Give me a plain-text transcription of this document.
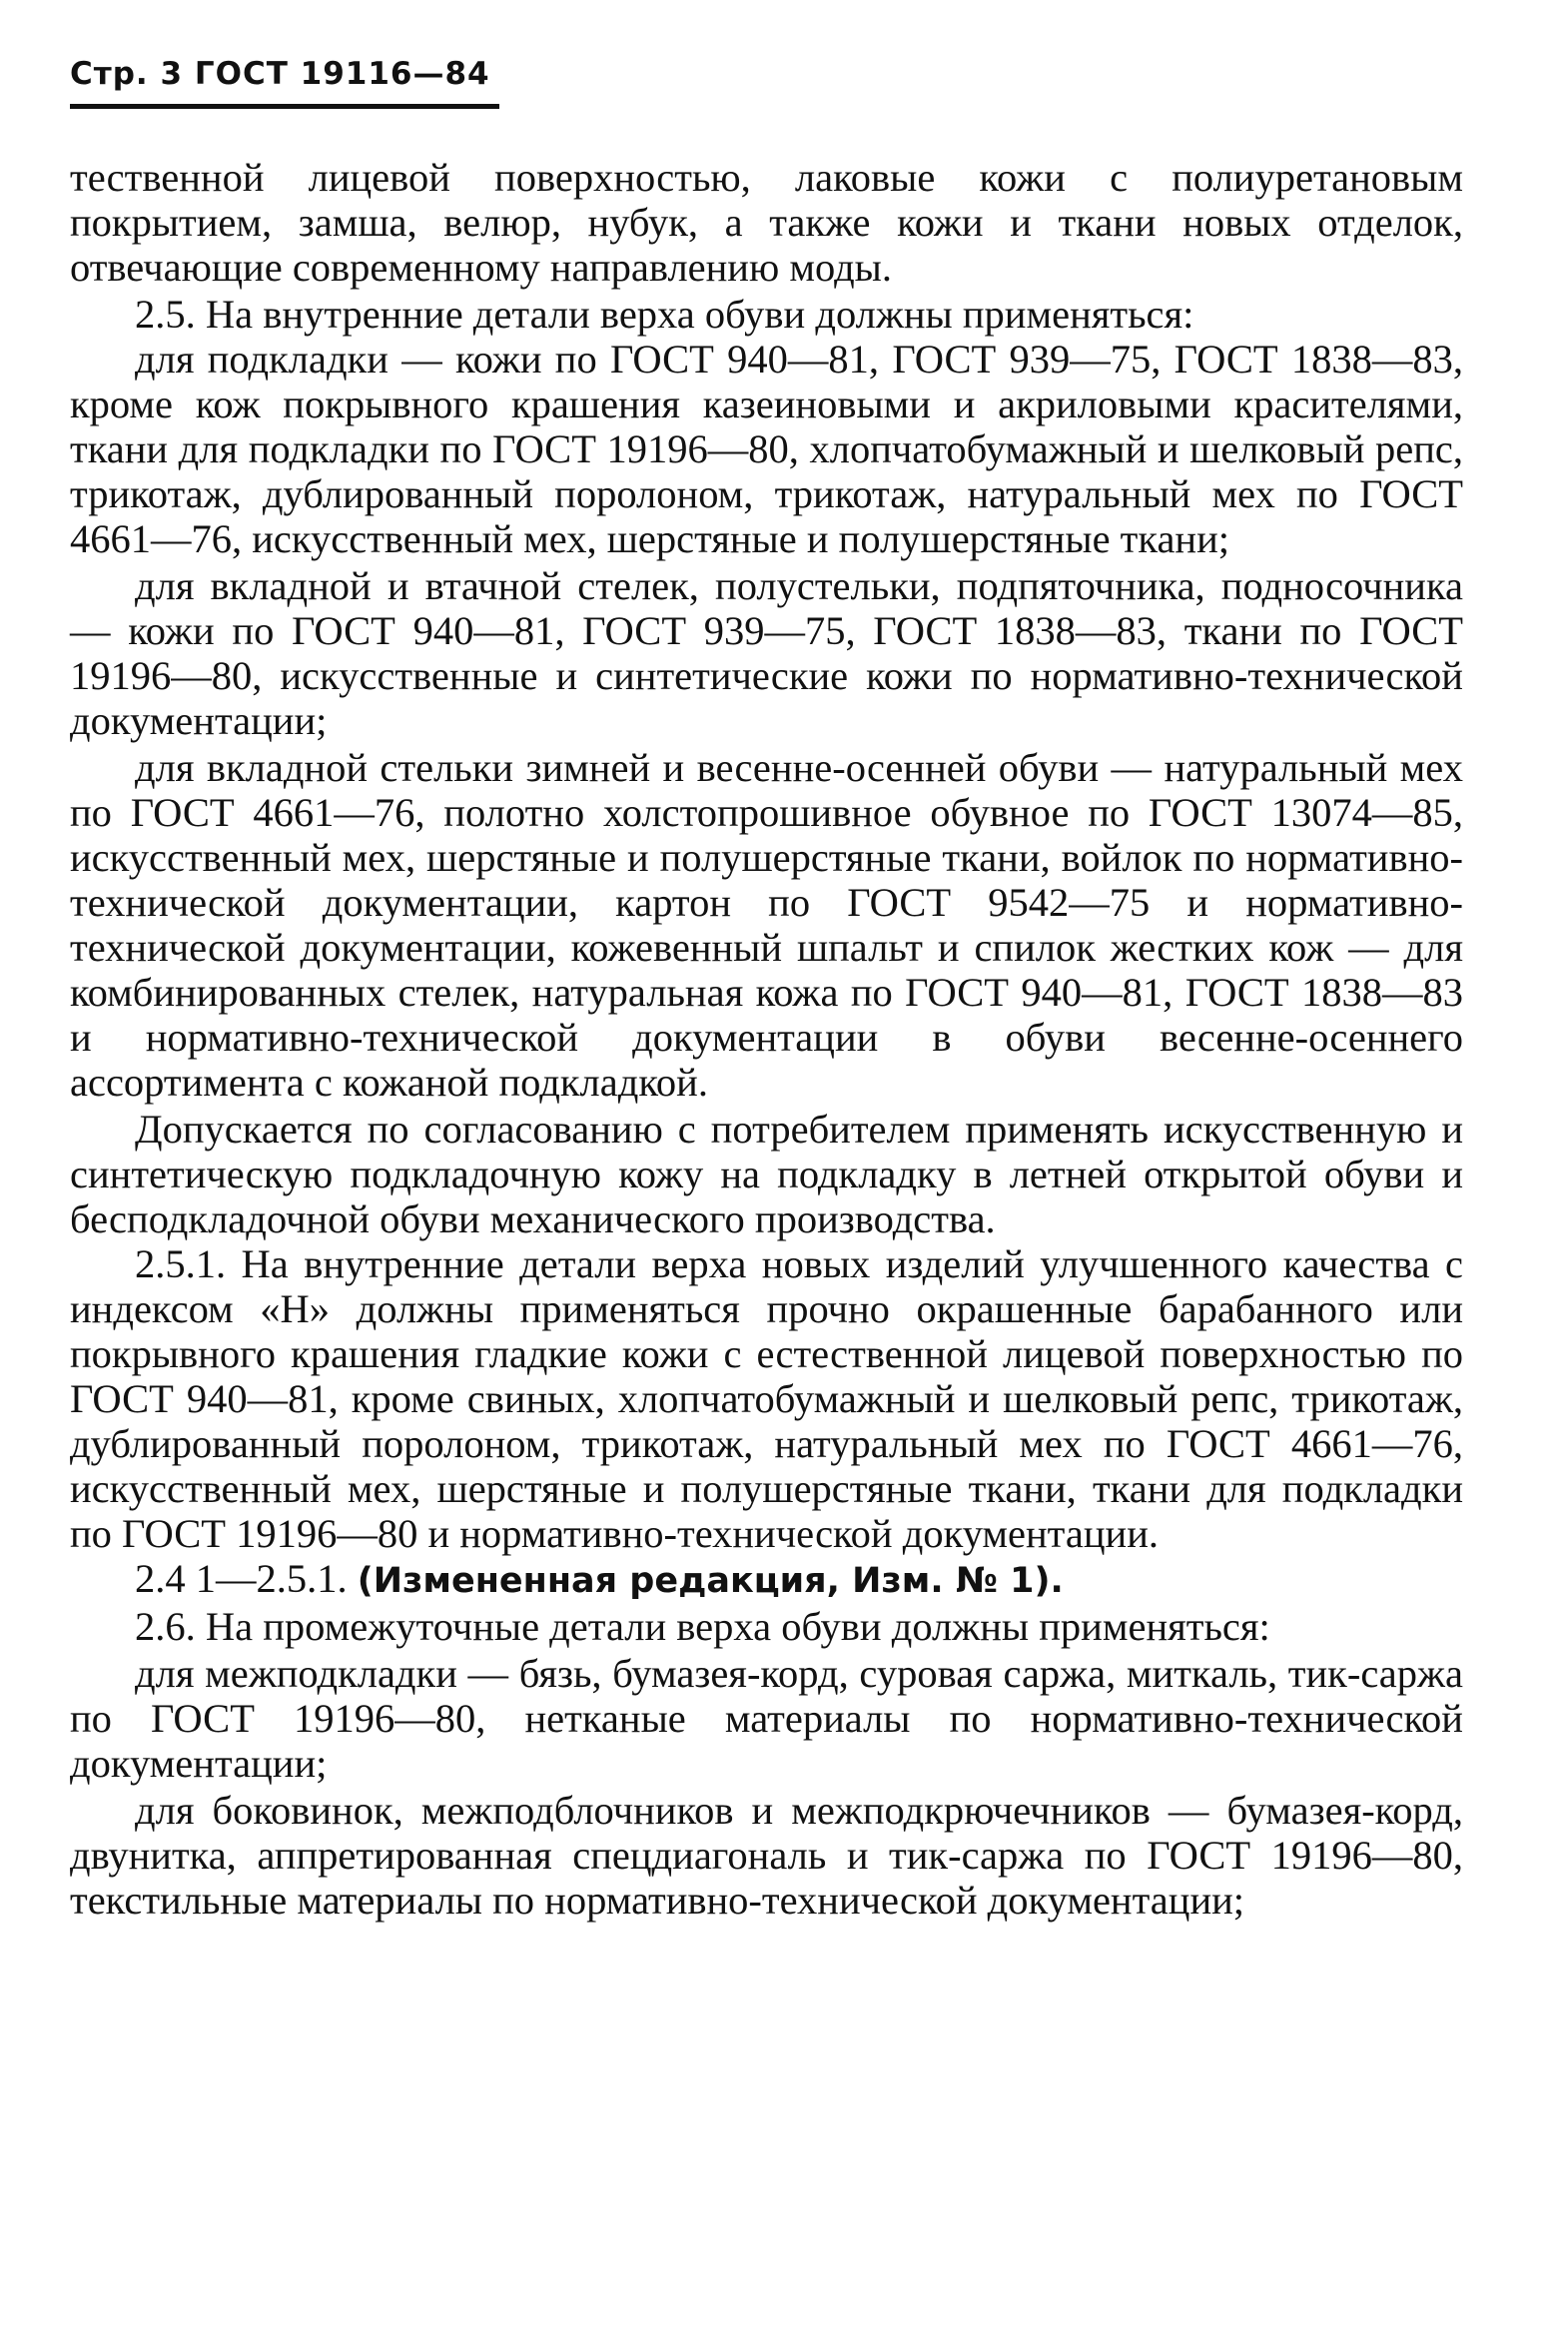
Стр. 3 ГОСТ 19116—84

тественной лицевой поверхностью, лаковые кожи с полиуретановым покрытием, замша, велюр, нубук, а также кожи и ткани новых отделок, отвечающие современному направлению моды.

2.5. На внутренние детали верха обуви должны применяться:

для подкладки — кожи по ГОСТ 940—81, ГОСТ 939—75, ГОСТ 1838—83, кроме кож покрывного крашения казеиновыми и акриловыми красителями, ткани для подкладки по ГОСТ 19196—80, хлопчатобумажный и шелковый репс, трикотаж, дублированный поролоном, трикотаж, натуральный мех по ГОСТ 4661—76, искусственный мех, шерстяные и полушерстяные ткани;

для вкладной и втачной стелек, полустельки, подпяточника, подносочника — кожи по ГОСТ 940—81, ГОСТ 939—75, ГОСТ 1838—83, ткани по ГОСТ 19196—80, искусственные и синтетические кожи по нормативно-технической документации;

для вкладной стельки зимней и весенне-осенней обуви — натуральный мех по ГОСТ 4661—76, полотно холстопрошивное обувное по ГОСТ 13074—85, искусственный мех, шерстяные и полушерстяные ткани, войлок по нормативно-технической документации, картон по ГОСТ 9542—75 и нормативно-технической документации, кожевенный шпальт и спилок жестких кож — для комбинированных стелек, натуральная кожа по ГОСТ 940—81, ГОСТ 1838—83 и нормативно-технической документации в обуви весенне-осеннего ассортимента с кожаной подкладкой.

Допускается по согласованию с потребителем применять искусственную и синтетическую подкладочную кожу на подкладку в летней открытой обуви и бесподкладочной обуви механического производства.

2.5.1. На внутренние детали верха новых изделий улучшенного качества с индексом «Н» должны применяться прочно окрашенные барабанного или покрывного крашения гладкие кожи с естественной лицевой поверхностью по ГОСТ 940—81, кроме свиных, хлопчатобумажный и шелковый репс, трикотаж, дублированный поролоном, трикотаж, натуральный мех по ГОСТ 4661—76, искусственный мех, шерстяные и полушерстяные ткани, ткани для подкладки по ГОСТ 19196—80 и нормативно-технической документации.

2.4 1—2.5.1. (Измененная редакция, Изм. № 1).

2.6. На промежуточные детали верха обуви должны применяться:

для межподкладки — бязь, бумазея-корд, суровая саржа, миткаль, тик-саржа по ГОСТ 19196—80, нетканые материалы по нормативно-технической документации;

для боковинок, межподблочников и межподкрючечников — бумазея-корд, двунитка, аппретированная спецдиагональ и тик-саржа по ГОСТ 19196—80, текстильные материалы по нормативно-технической документации;
